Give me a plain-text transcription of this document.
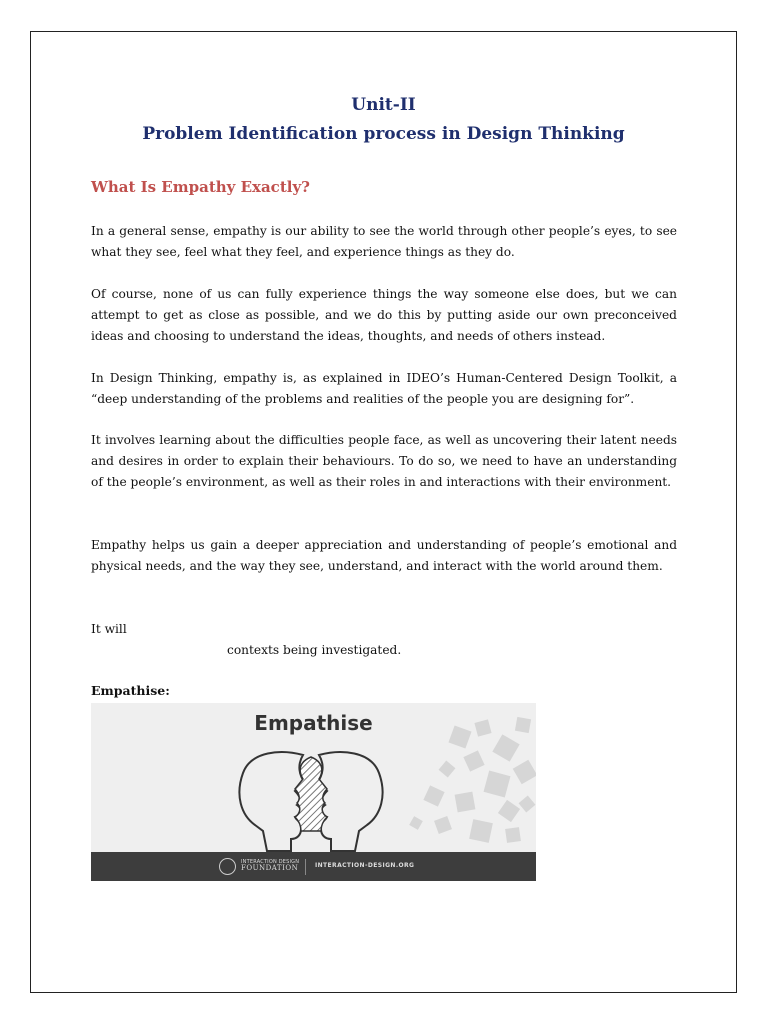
Unit-II
Problem Identification process in Design Thinking
What Is Empathy Exactly?

In a general sense, empathy is our ability to see the world through other people’s eyes, to see what they see, feel what they feel, and experience things as they do.

Of course, none of us can fully experience things the way someone else does, but we can attempt to get as close as possible, and we do this by putting aside our own preconceived ideas and choosing to understand the ideas, thoughts, and needs of others instead.

In Design Thinking, empathy is, as explained in IDEO’s Human-Centered Design Toolkit, a “deep understanding of the problems and realities of the people you are designing for”.

It involves learning about the difficulties people face, as well as uncovering their latent needs and desires in order to explain their behaviours. To do so, we need to have an understanding of the people’s environment, as well as their roles in and interactions with their environment.

Empathy helps us gain a deeper appreciation and understanding of people’s emotional and physical needs, and the way they see, understand, and interact with the world around them.

It will

contexts being investigated.

Empathise:

Empathise
INTERACTION DESIGN
FOUNDATION	INTERACTION-DESIGN.ORG
